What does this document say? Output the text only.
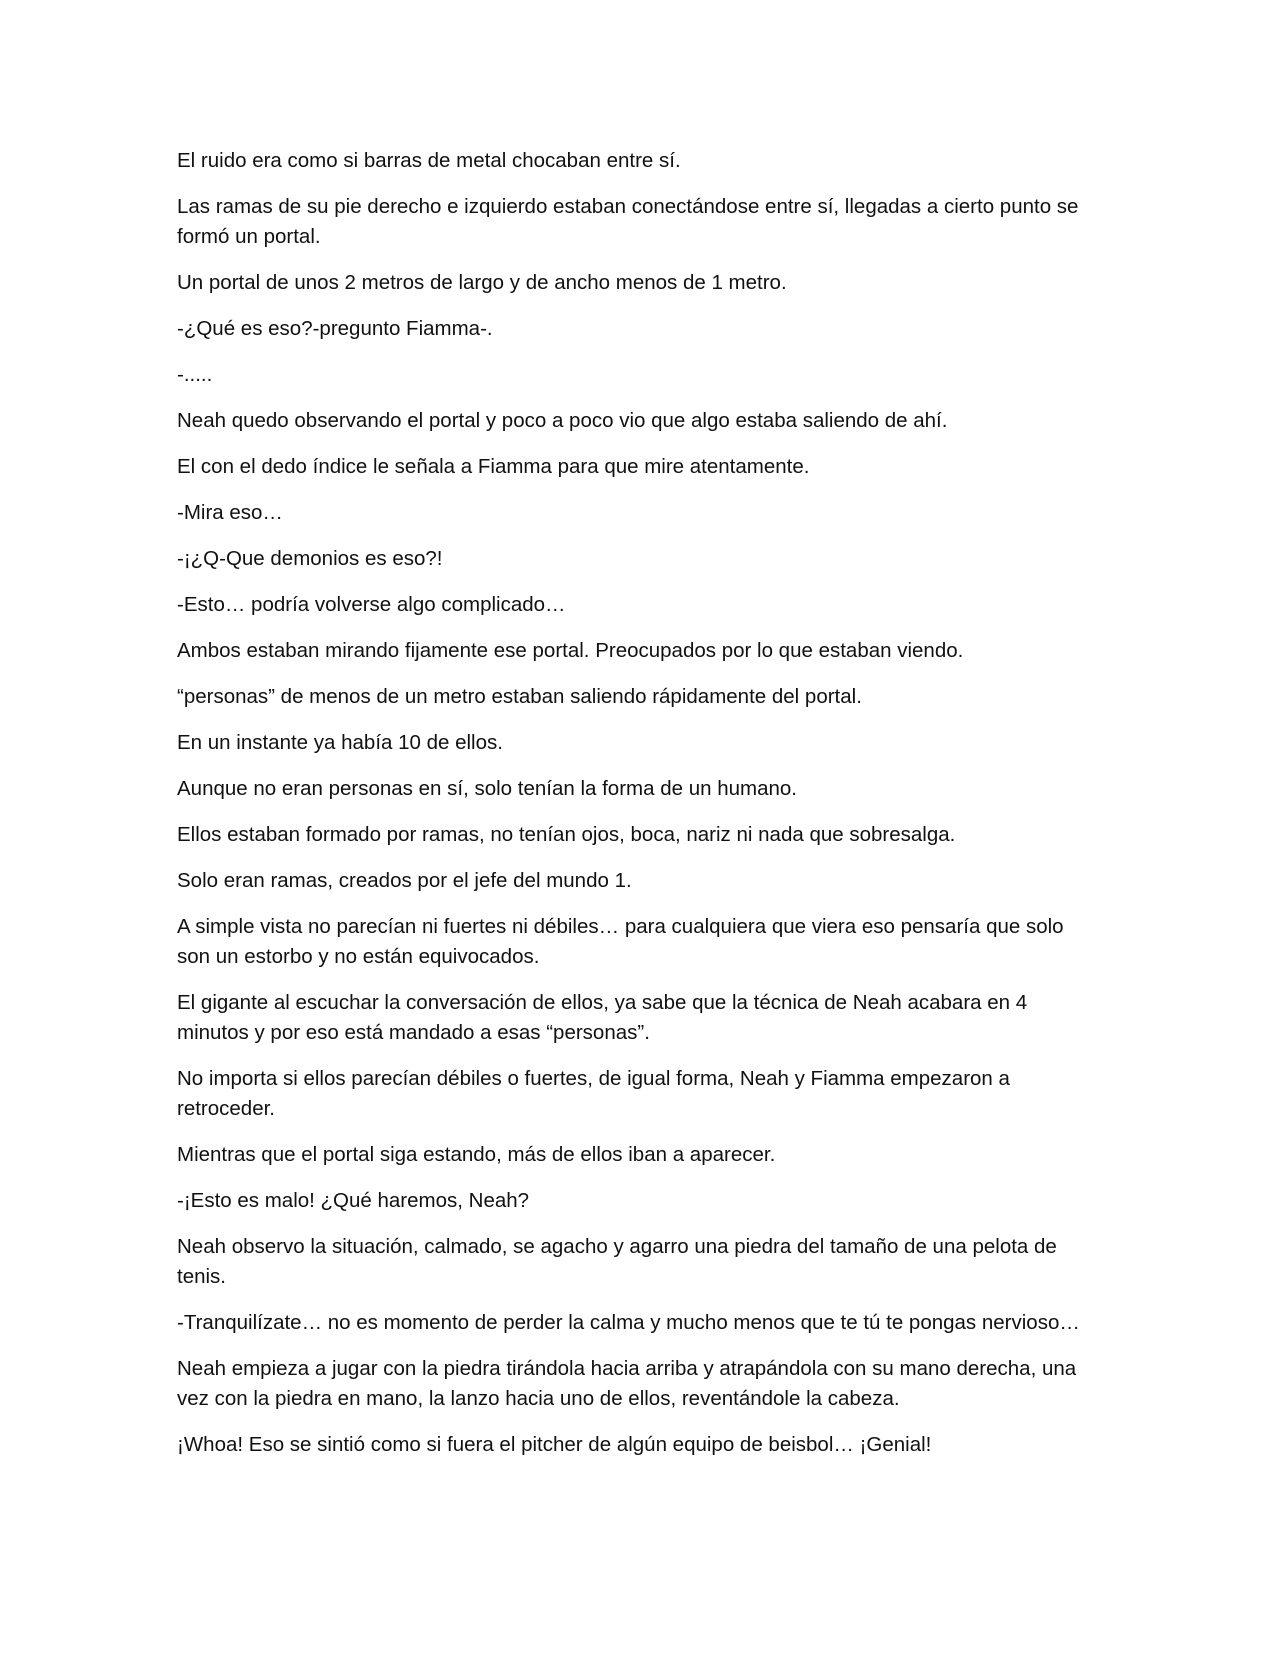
El ruido era como si barras de metal chocaban entre sí.

Las ramas de su pie derecho e izquierdo estaban conectándose entre sí, llegadas a cierto punto se formó un portal.

Un portal de unos 2 metros de largo y de ancho menos de 1 metro.

-¿Qué es eso?-pregunto Fiamma-.

-.....

Neah quedo observando el portal y poco a poco vio que algo estaba saliendo de ahí.

El con el dedo índice le señala a Fiamma para que mire atentamente.

-Mira eso…

-¡¿Q-Que demonios es eso?!

-Esto… podría volverse algo complicado…

Ambos estaban mirando fijamente ese portal. Preocupados por lo que estaban viendo.

“personas” de menos de un metro estaban saliendo rápidamente del portal.

En un instante ya había 10 de ellos.

Aunque no eran personas en sí, solo tenían la forma de un humano.

Ellos estaban formado por ramas, no tenían ojos, boca, nariz ni nada que sobresalga.

Solo eran ramas, creados por el jefe del mundo 1.

A simple vista no parecían ni fuertes ni débiles… para cualquiera que viera eso pensaría que solo son un estorbo y no están equivocados.

El gigante al escuchar la conversación de ellos, ya sabe que la técnica de Neah acabara en 4 minutos y por eso está mandado a esas “personas”.

No importa si ellos parecían débiles o fuertes, de igual forma, Neah y Fiamma empezaron a retroceder.

Mientras que el portal siga estando, más de ellos iban a aparecer.

-¡Esto es malo! ¿Qué haremos, Neah?

Neah observo la situación, calmado, se agacho y agarro una piedra del tamaño de una pelota de tenis.

-Tranquilízate… no es momento de perder la calma y mucho menos que te tú te pongas nervioso…

Neah empieza a jugar con la piedra tirándola hacia arriba y atrapándola con su mano derecha, una vez con la piedra en mano, la lanzo hacia uno de ellos, reventándole la cabeza.

¡Whoa! Eso se sintió como si fuera el pitcher de algún equipo de beisbol… ¡Genial!
